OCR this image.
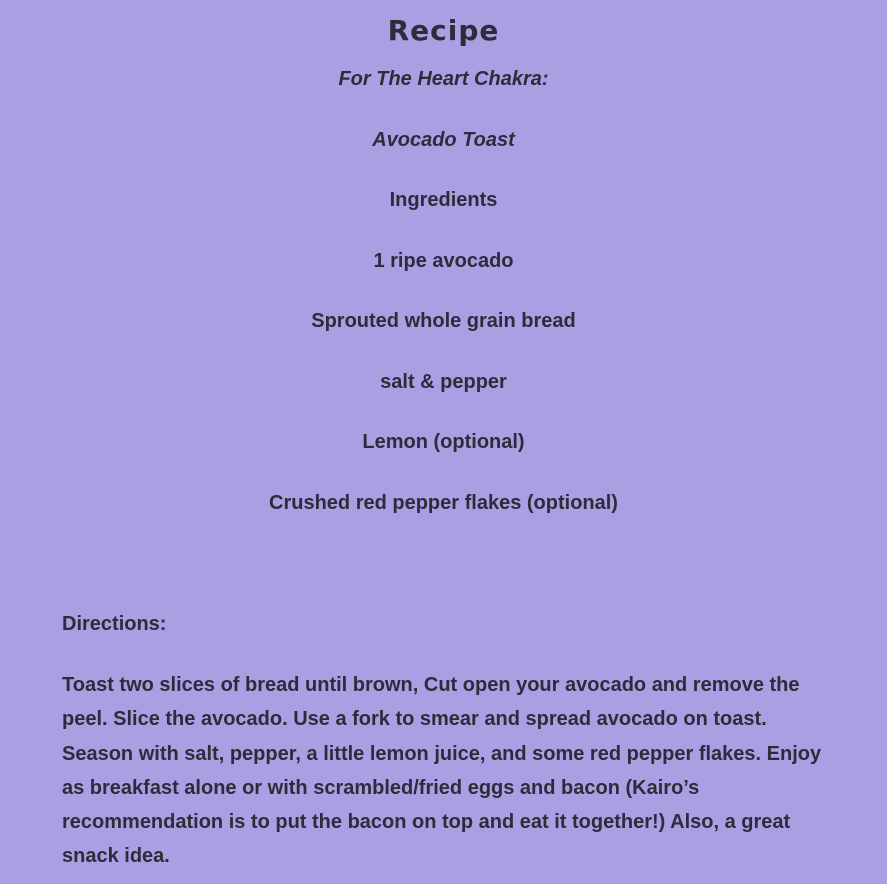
Recipe

For The Heart Chakra:

Avocado Toast

Ingredients
1 ripe avocado
Sprouted whole grain bread
salt & pepper
Lemon (optional)
Crushed red pepper flakes (optional)
Directions:

Toast two slices of bread until brown, Cut open your avocado and remove the peel. Slice the avocado. Use a fork to smear and spread avocado on toast. Season with salt, pepper, a little lemon juice, and some red pepper flakes. Enjoy as breakfast alone or with scrambled/fried eggs and bacon (Kairo’s recommendation is to put the bacon on top and eat it together!) Also, a great snack idea.
